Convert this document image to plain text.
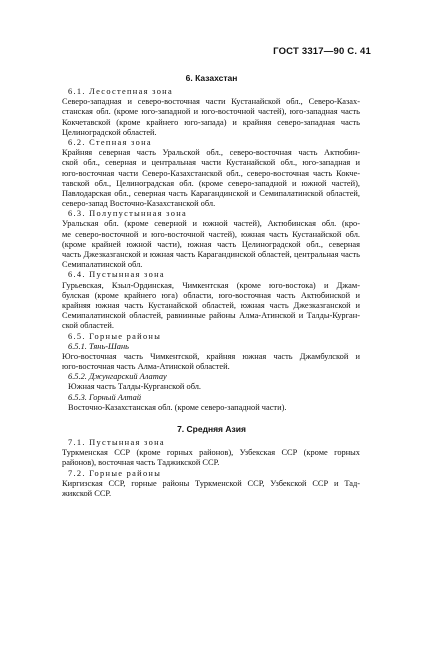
ГОСТ 3317—90 С. 41
6. Казахстан
6.1. Лесостепная зона
Северо-западная и северо-восточная части Кустанайской обл., Северо-Казах-
станская обл. (кроме юго-западной и юго-восточной частей), юго-западная часть
Кокчетавской (кроме крайнего юго-запада) и крайняя северо-западная часть
Целиноградской областей.
6.2. Степная зона
Крайняя северная часть Уральской обл., северо-восточная часть Актюбин-
ской обл., северная и центральная части Кустанайской обл., юго-западная и
юго-восточная части Северо-Казахстанской обл., северо-восточная часть Кокче-
тавской обл., Целиноградская обл. (кроме северо-западной и южной частей),
Павлодарская обл., северная часть Карагандинской и Семипалатинской областей,
северо-запад Восточно-Казахстанской обл.
6.3. Полупустынная зона
Уральская обл. (кроме северной и южной частей), Актюбинская обл. (кро-
ме северо-восточной и юго-восточной частей), южная часть Кустанайской обл.
(кроме крайней южной части), южная часть Целиноградской обл., северная
часть Джезказганской и южная часть Карагандинской областей, центральная часть
Семипалатинской обл.
6.4. Пустынная зона
Гурьевская, Кзыл-Ординская, Чимкентская (кроме юго-востока) и Джам-
булская (кроме крайнего юга) области, юго-восточная часть Актюбинской и
крайняя южная часть Кустанайской областей, южная часть Джезказганской и
Семипалатинской областей, равнинные районы Алма-Атинской и Талды-Курган-
ской областей.
6.5. Горные районы
6.5.1. Тянь-Шань
Юго-восточная часть Чимкентской, крайняя южная часть Джамбулской и
юго-восточная часть Алма-Атинской областей.
6.5.2. Джунгарский Алатау
Южная часть Талды-Курганской обл.
6.5.3. Горный Алтай
Восточно-Казахстанская обл. (кроме северо-западной части).
7. Средняя Азия
7.1. Пустынная зона
Туркменская ССР (кроме горных районов), Узбекская ССР (кроме горных
районов), восточная часть Таджикской ССР.
7.2. Горные районы
Киргизская ССР, горные районы Туркменской ССР, Узбекской ССР и Тад-
жикской ССР.
